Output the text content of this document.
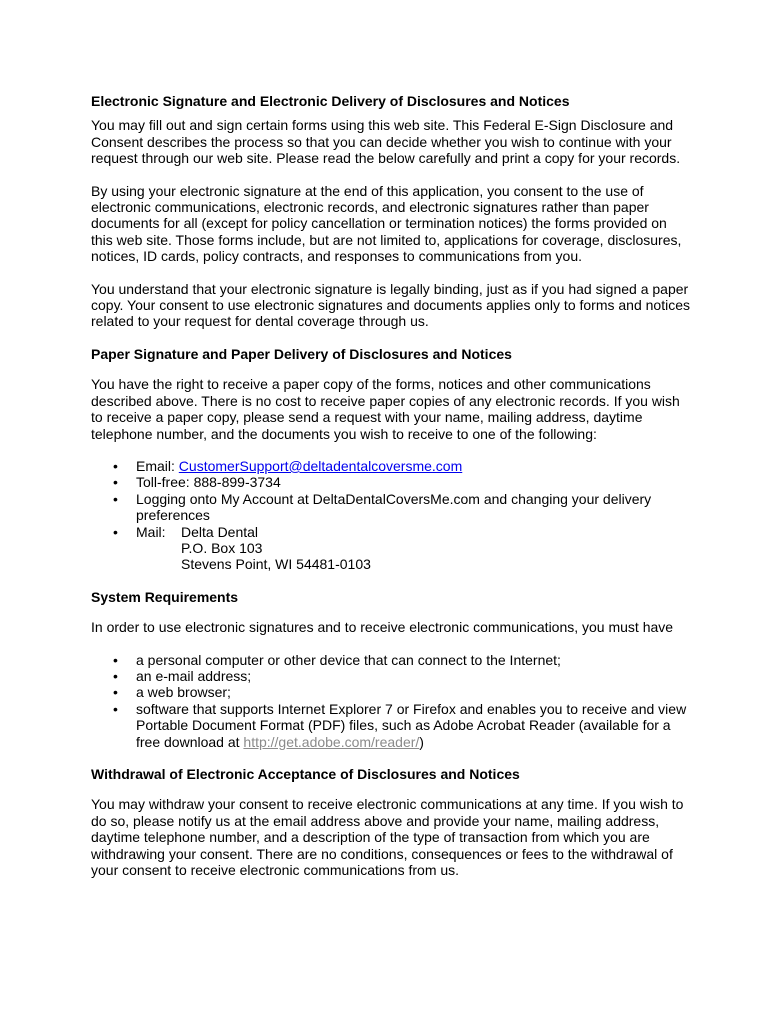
Electronic Signature and Electronic Delivery of Disclosures and Notices

You may fill out and sign certain forms using this web site. This Federal E-Sign Disclosure and Consent describes the process so that you can decide whether you wish to continue with your request through our web site. Please read the below carefully and print a copy for your records.

By using your electronic signature at the end of this application, you consent to the use of electronic communications, electronic records, and electronic signatures rather than paper documents for all (except for policy cancellation or termination notices) the forms provided on this web site. Those forms include, but are not limited to, applications for coverage, disclosures, notices, ID cards, policy contracts, and responses to communications from you.

You understand that your electronic signature is legally binding, just as if you had signed a paper copy. Your consent to use electronic signatures and documents applies only to forms and notices related to your request for dental coverage through us.

Paper Signature and Paper Delivery of Disclosures and Notices

You have the right to receive a paper copy of the forms, notices and other communications described above. There is no cost to receive paper copies of any electronic records. If you wish to receive a paper copy, please send a request with your name, mailing address, daytime telephone number, and the documents you wish to receive to one of the following:

• Email: CustomerSupport@deltadentalcoversme.com
• Toll-free: 888-899-3734
• Logging onto My Account at DeltaDentalCoversMe.com and changing your delivery preferences
• Mail:	Delta Dental
P.O. Box 103
Stevens Point, WI 54481-0103
System Requirements

In order to use electronic signatures and to receive electronic communications, you must have

• a personal computer or other device that can connect to the Internet;
• an e-mail address;
• a web browser;
• software that supports Internet Explorer 7 or Firefox and enables you to receive and view Portable Document Format (PDF) files, such as Adobe Acrobat Reader (available for a free download at http://get.adobe.com/reader/)
Withdrawal of Electronic Acceptance of Disclosures and Notices

You may withdraw your consent to receive electronic communications at any time. If you wish to do so, please notify us at the email address above and provide your name, mailing address, daytime telephone number, and a description of the type of transaction from which you are withdrawing your consent. There are no conditions, consequences or fees to the withdrawal of your consent to receive electronic communications from us.
